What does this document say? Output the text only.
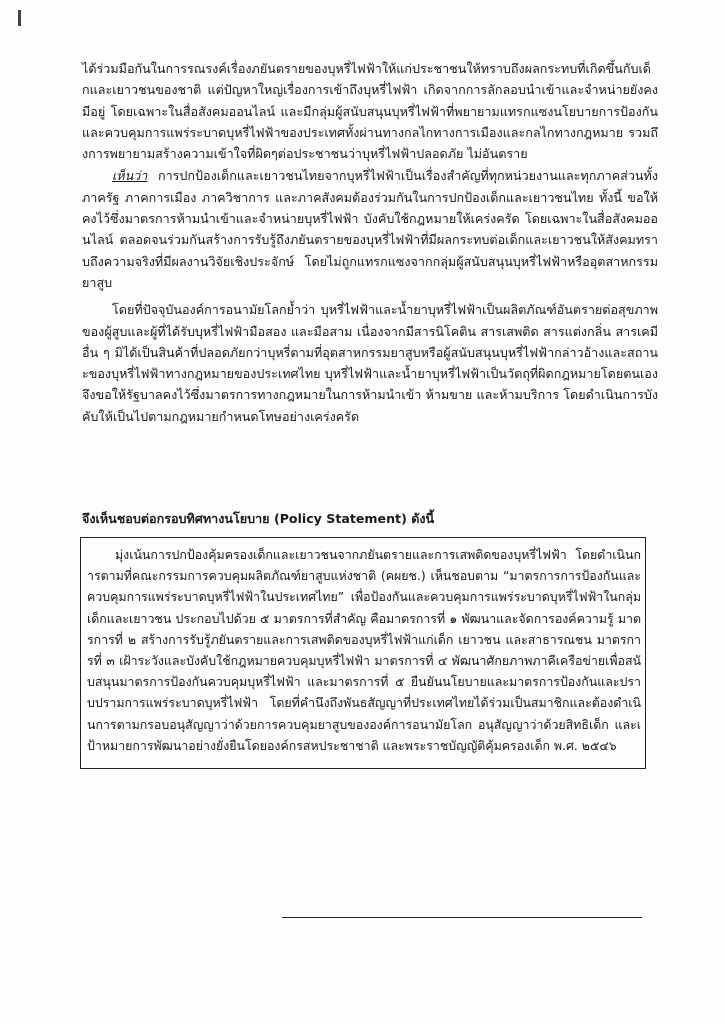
ได้ร่วมมือกันในการรณรงค์เรื่องภยันตรายของบุหรี่ไฟฟ้าให้แก่ประชาชนให้ทราบถึงผลกระทบที่เกิดขึ้นกับเด็กและเยาวชนของชาติ แต่ปัญหาใหญ่เรื่องการเข้าถึงบุหรี่ไฟฟ้า เกิดจากการลักลอบนำเข้าและจำหน่ายยังคงมีอยู่ โดยเฉพาะในสื่อสังคมออนไลน์ และมีกลุ่มผู้สนับสนุนบุหรี่ไฟฟ้าที่พยายามแทรกแซงนโยบายการป้องกันและควบคุมการแพร่ระบาดบุหรี่ไฟฟ้าของประเทศทั้งผ่านทางกลไกทางการเมืองและกลไกทางกฎหมาย รวมถึงการพยายามสร้างความเข้าใจที่ผิดๆต่อประชาชนว่าบุหรี่ไฟฟ้าปลอดภัย ไม่อันตราย

เห็นว่า การปกป้องเด็กและเยาวชนไทยจากบุหรี่ไฟฟ้าเป็นเรื่องสำคัญที่ทุกหน่วยงานและทุกภาคส่วนทั้งภาครัฐ ภาคการเมือง ภาควิชาการ และภาคสังคมต้องร่วมกันในการปกป้องเด็กและเยาวชนไทย ทั้งนี้ ขอให้คงไว้ซึ่งมาตรการห้ามนำเข้าและจำหน่ายบุหรี่ไฟฟ้า บังคับใช้กฎหมายให้เคร่งครัด โดยเฉพาะในสื่อสังคมออนไลน์ ตลอดจนร่วมกันสร้างการรับรู้ถึงภยันตรายของบุหรี่ไฟฟ้าที่มีผลกระทบต่อเด็กและเยาวชนให้สังคมทราบถึงความจริงที่มีผลงานวิจัยเชิงประจักษ์ โดยไม่ถูกแทรกแซงจากกลุ่มผู้สนับสนุนบุหรี่ไฟฟ้าหรืออุตสาหกรรมยาสูบ

โดยที่ปัจจุบันองค์การอนามัยโลกย้ำว่า บุหรี่ไฟฟ้าและน้ำยาบุหรี่ไฟฟ้าเป็นผลิตภัณฑ์อันตรายต่อสุขภาพของผู้สูบและผู้ที่ได้รับบุหรี่ไฟฟ้ามือสอง และมือสาม เนื่องจากมีสารนิโคติน สารเสพติด สารแต่งกลิ่น สารเคมีอื่น ๆ มิได้เป็นสินค้าที่ปลอดภัยกว่าบุหรี่ตามที่อุตสาหกรรมยาสูบหรือผู้สนับสนุนบุหรี่ไฟฟ้ากล่าวอ้างและสถานะของบุหรี่ไฟฟ้าทางกฎหมายของประเทศไทย บุหรี่ไฟฟ้าและน้ำยาบุหรี่ไฟฟ้าเป็นวัตถุที่ผิดกฎหมายโดยตนเอง จึงขอให้รัฐบาลคงไว้ซึ่งมาตรการทางกฎหมายในการห้ามนำเข้า ห้ามขาย และห้ามบริการ โดยดำเนินการบังคับให้เป็นไปตามกฎหมายกำหนดโทษอย่างเคร่งครัด

จึงเห็นชอบต่อกรอบทิศทางนโยบาย (Policy Statement) ดังนี้

มุ่งเน้นการปกป้องคุ้มครองเด็กและเยาวชนจากภยันตรายและการเสพติดของบุหรี่ไฟฟ้า โดยดำเนินการตามที่คณะกรรมการควบคุมผลิตภัณฑ์ยาสูบแห่งชาติ (คผยช.) เห็นชอบตาม “มาตรการการป้องกันและควบคุมการแพร่ระบาดบุหรี่ไฟฟ้าในประเทศไทย” เพื่อป้องกันและควบคุมการแพร่ระบาดบุหรี่ไฟฟ้าในกลุ่มเด็กและเยาวชน ประกอบไปด้วย ๕ มาตรการที่สำคัญ คือมาตรการที่ ๑ พัฒนาและจัดการองค์ความรู้ มาตรการที่ ๒ สร้างการรับรู้ภยันตรายและการเสพติดของบุหรี่ไฟฟ้าแก่เด็ก เยาวชน และสาธารณชน มาตรการที่ ๓ เฝ้าระวังและบังคับใช้กฎหมายควบคุมบุหรี่ไฟฟ้า มาตรการที่ ๔ พัฒนาศักยภาพภาคีเครือข่ายเพื่อสนับสนุนมาตรการป้องกันควบคุมบุหรี่ไฟฟ้า และมาตรการที่ ๕ ยืนยันนโยบายและมาตรการป้องกันและปราบปรามการแพร่ระบาดบุหรี่ไฟฟ้า โดยที่คำนึงถึงพันธสัญญาที่ประเทศไทยได้ร่วมเป็นสมาชิกและต้องดำเนินการตามกรอบอนุสัญญาว่าด้วยการควบคุมยาสูบขององค์การอนามัยโลก อนุสัญญาว่าด้วยสิทธิเด็ก และเป้าหมายการพัฒนาอย่างยั่งยืนโดยองค์กรสหประชาชาติ และพระราชบัญญัติคุ้มครองเด็ก พ.ศ. ๒๕๔๖
